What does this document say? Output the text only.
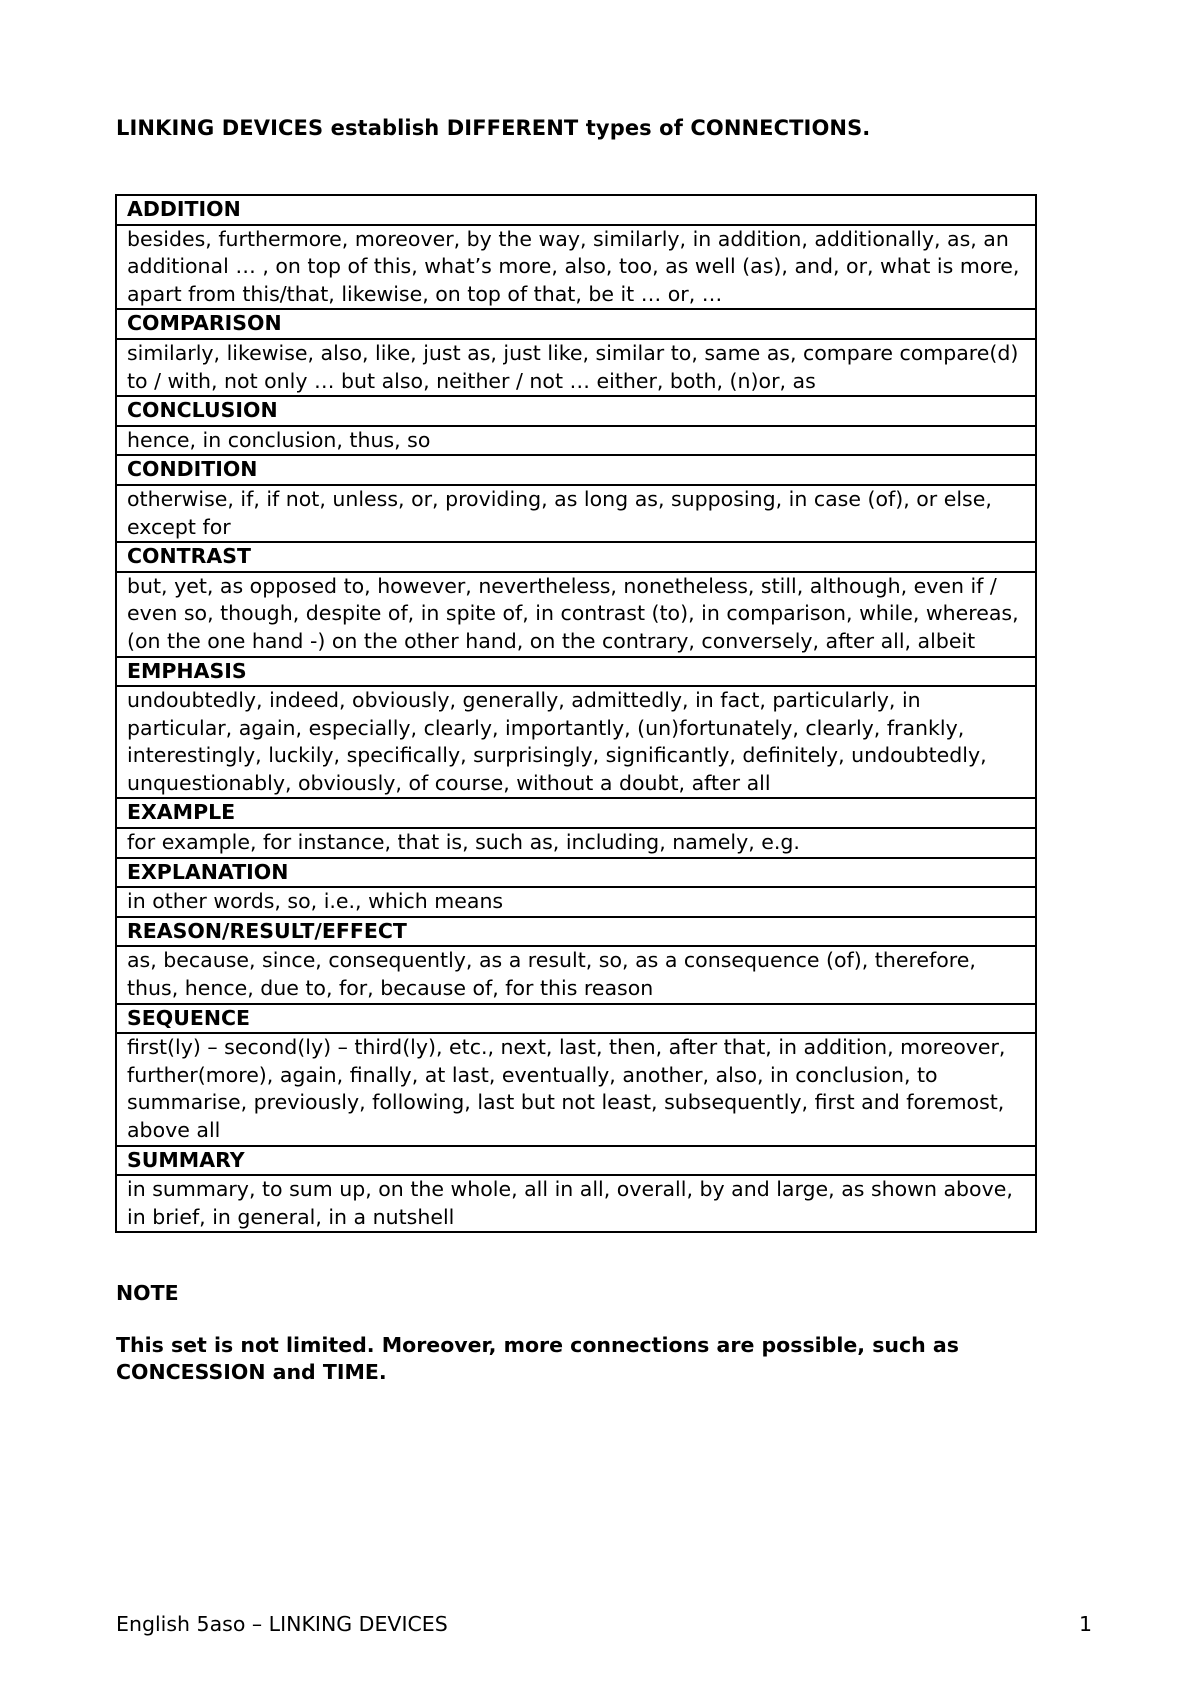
LINKING DEVICES establish DIFFERENT types of CONNECTIONS.
ADDITION
besides, furthermore, moreover, by the way, similarly, in addition, additionally, as, an additional … , on top of this, what’s more, also, too, as well (as), and, or, what is more, apart from this/that, likewise, on top of that, be it … or, …
COMPARISON
similarly, likewise, also, like, just as, just like, similar to, same as, compare compare(d) to / with, not only … but also, neither / not … either, both, (n)or, as
CONCLUSION
hence, in conclusion, thus, so
CONDITION
otherwise, if, if not, unless, or, providing, as long as, supposing, in case (of), or else, except for
CONTRAST
but, yet, as opposed to, however, nevertheless, nonetheless, still, although, even if / even so, though, despite of, in spite of, in contrast (to), in comparison, while, whereas, (on the one hand -) on the other hand, on the contrary, conversely, after all, albeit
EMPHASIS
undoubtedly, indeed, obviously, generally, admittedly, in fact, particularly, in particular, again, especially, clearly, importantly, (un)fortunately, clearly, frankly, interestingly, luckily, specifically, surprisingly, significantly, definitely, undoubtedly, unquestionably, obviously, of course, without a doubt, after all
EXAMPLE
for example, for instance, that is, such as, including, namely, e.g.
EXPLANATION
in other words, so, i.e., which means
REASON/RESULT/EFFECT
as, because, since, consequently, as a result, so, as a consequence (of), therefore, thus, hence, due to, for, because of, for this reason
SEQUENCE
first(ly) – second(ly) – third(ly), etc., next, last, then, after that, in addition, moreover, further(more), again, finally, at last, eventually, another, also, in conclusion, to summarise, previously, following, last but not least, subsequently, first and foremost, above all
SUMMARY
in summary, to sum up, on the whole, all in all, overall, by and large, as shown above, in brief, in general, in a nutshell

NOTE

This set is not limited. Moreover, more connections are possible, such as CONCESSION and TIME.

English 5aso – LINKING DEVICES	1
